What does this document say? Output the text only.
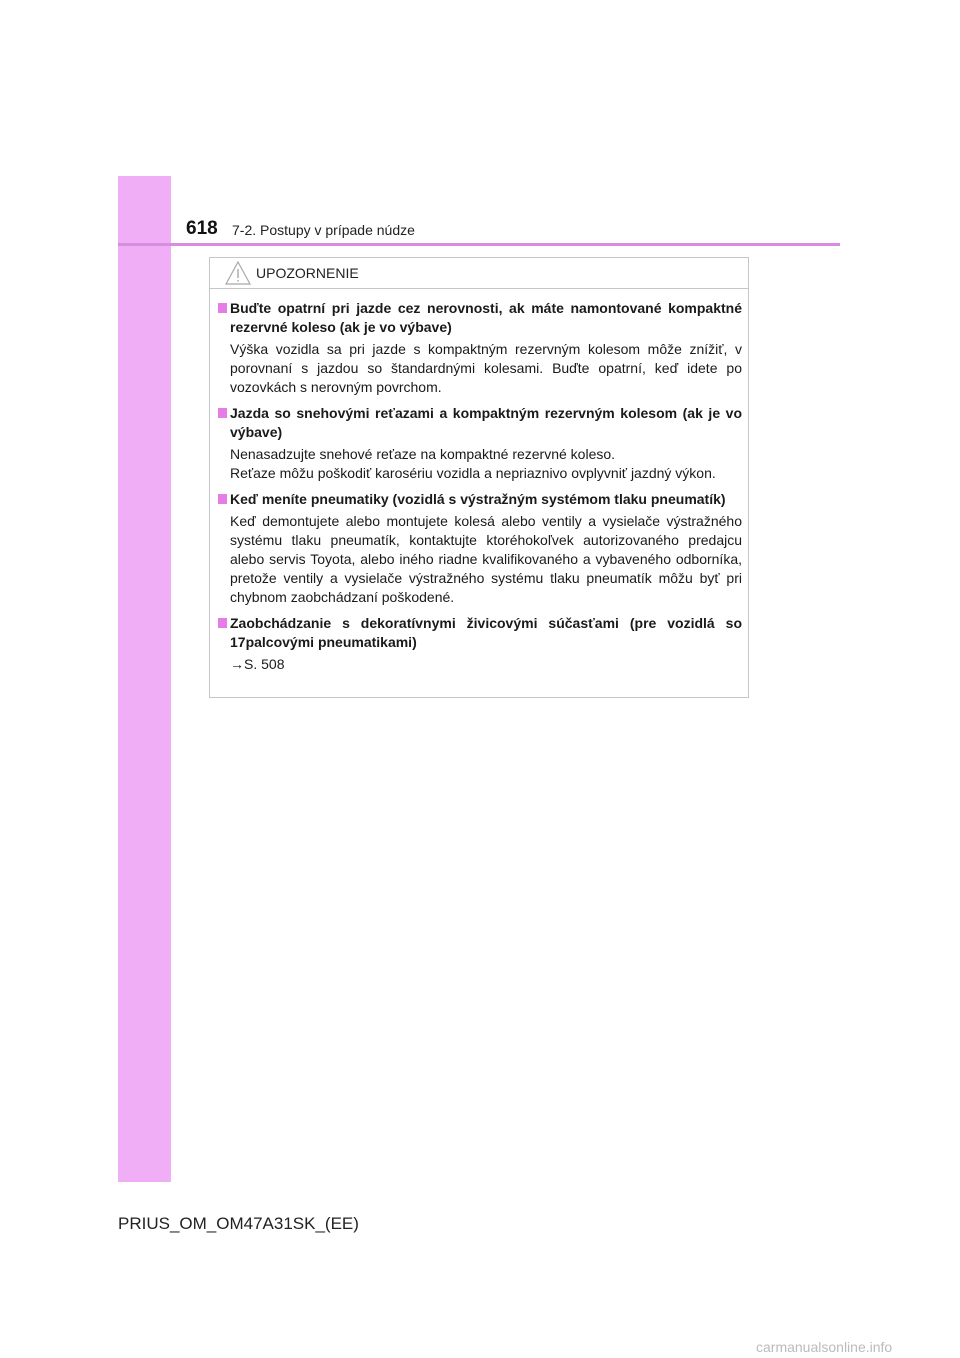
618 7-2. Postupy v prípade núdze
UPOZORNENIE
Buďte opatrní pri jazde cez nerovnosti, ak máte namontované kompaktné rezervné koleso (ak je vo výbave)

Výška vozidla sa pri jazde s kompaktným rezervným kolesom môže znížiť, v porovnaní s jazdou so štandardnými kolesami. Buďte opatrní, keď idete po vozovkách s nerovným povrchom.

Jazda so snehovými reťazami a kompaktným rezervným kolesom (ak je vo výbave)

Nenasadzujte snehové reťaze na kompaktné rezervné koleso.

Reťaze môžu poškodiť karosériu vozidla a nepriaznivo ovplyvniť jazdný výkon.

Keď meníte pneumatiky (vozidlá s výstražným systémom tlaku pneumatík)

Keď demontujete alebo montujete kolesá alebo ventily a vysielače výstražného systému tlaku pneumatík, kontaktujte ktoréhokoľvek autorizovaného predajcu alebo servis Toyota, alebo iného riadne kvalifikovaného a vybaveného odborníka, pretože ventily a vysielače výstražného systému tlaku pneumatík môžu byť pri chybnom zaobchádzaní poškodené.

Zaobchádzanie s dekoratívnymi živicovými súčasťami (pre vozidlá so 17palcovými pneumatikami)

→S. 508

PRIUS_OM_OM47A31SK_(EE)
carmanualsonline.info
